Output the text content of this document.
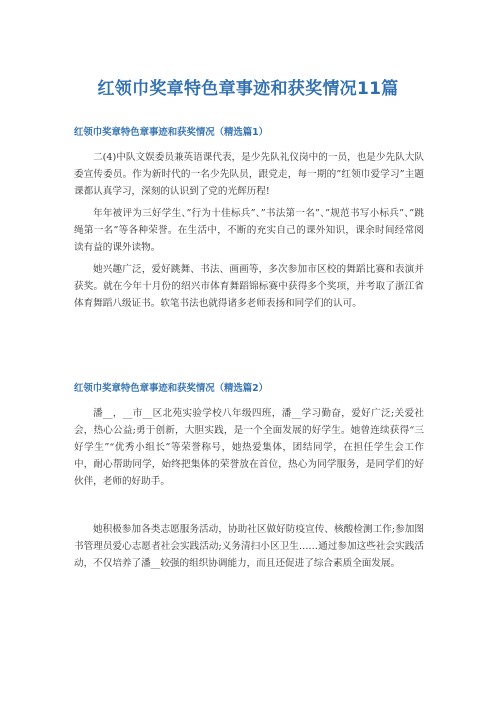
红领巾奖章特色章事迹和获奖情况11篇
红领巾奖章特色章事迹和获奖情况（精选篇1）

二(4)中队文娱委员兼英语课代表，是少先队礼仪岗中的一员，也是少先队大队委宣传委员。作为新时代的一名少先队员，跟党走，每一期的”红领巾爱学习”主题课都认真学习，深刻的认识到了党的光辉历程!

年年被评为三好学生、”行为十佳标兵”、”书法第一名”、”规范书写小标兵”、”跳绳第一名”等各种荣誉。在生活中，不断的充实自己的课外知识，课余时间经常阅读有益的课外读物。

她兴趣广泛，爱好跳舞、书法、画画等，多次参加市区校的舞蹈比赛和表演并获奖。就在今年十月份的绍兴市体育舞蹈锦标赛中获得多个奖项，并考取了浙江省体育舞蹈八级证书。软笔书法也就得诸多老师表扬和同学们的认可。

红领巾奖章特色章事迹和获奖情况（精选篇2）

潘__，__市__区北苑实验学校八年级四班，潘__学习勤奋，爱好广泛;关爱社会，热心公益;勇于创新，大胆实践，是一个全面发展的好学生。她曾连续获得“三好学生”“优秀小组长”等荣誉称号，她热爱集体，团结同学，在担任学生会工作中，耐心帮助同学，始终把集体的荣誉放在首位，热心为同学服务，是同学们的好伙伴，老师的好助手。

她积极参加各类志愿服务活动，协助社区做好防疫宣传、核酸检测工作;参加图书管理员爱心志愿者社会实践活动;义务清扫小区卫生……通过参加这些社会实践活动，不仅培养了潘__较强的组织协调能力，而且还促进了综合素质全面发展。
